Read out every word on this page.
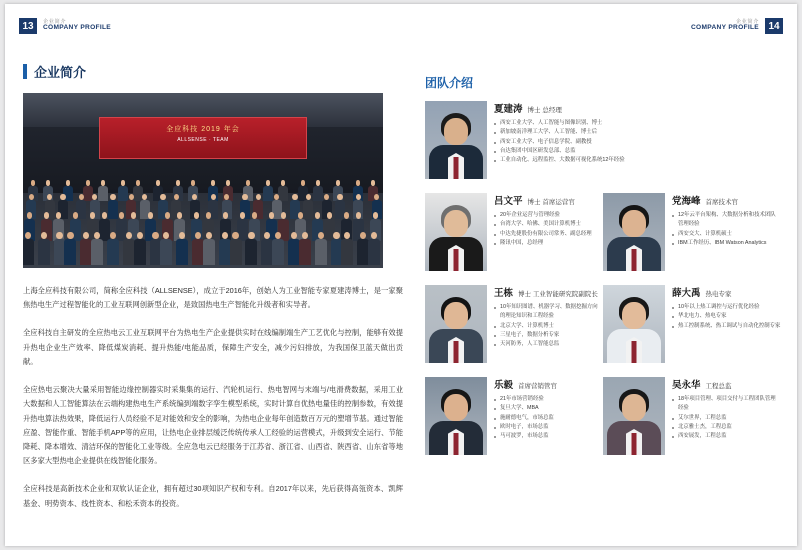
13	企业简介
COMPANY PROFILE
企业简介
COMPANY PROFILE 14
企业简介
全应科技 2019 年会
ALLSENSE · TEAM
上海全应科技有限公司，简称全应科技（ALLSENSE），成立于2016年，创始人为工业智能专家夏建涛博士，是一家聚焦热电生产过程智能化的工业互联网创新型企业，是致国热电生产智能化升级者和实导者。
全应科技自主研发的全应热电云工业互联网平台为热电生产企业提供实时在线编制端生产工艺优化与控制，能够有效提升热电企业生产效率、降低煤炭消耗、提升热能/电能品质，保障生产安全，减少污妇排放，为我国保卫蓝天做出贡献。
全应热电云聚决大量采用智能边缘控制器实时采集集的运行、汽轮机运行、热电智网与末端与/电滑费数据，采用工业大数据和人工智能算法在云端构建热电生产系统编到端数字孪生模型系统，实时计算自优热电量佳的控制参数，有效提升热电算法热效果，降低运行人员经验不足对能效和安全的影响，为热电企业每年创造数百万元的塑增节基。通过智能应盈、智能作重、智能手机APP等的应用，让热电企业排层缓泛传统传承人工经验的运营模式，升级到安全运行、节能降耗、降本增效、清洁环保的智能化工业等级。全应急电云已经服务于江苏省、浙江省、山西省、陕西省、山东省等地区多家大型热电企业提供在线智能化服务。
全应科技是高新技术企业和双软认证企业，拥有超过30项知识产权和专利。自2017年以来，先后获得高瓴资本、凯辉基金、明势资本、线性资本、和松禾资本的投资。
团队介绍
夏建涛 博士 总经理
西安工业大学、人工智能与图像识别、博士
新加坡南洋理工大学、人工智能、博士后
西安工业大学、电子信息学院、副教授
台达集团中国区研发总部、总监
工业自动化、远程监控、大数据可视化系统12年经验
吕文平 博士 首席运营官
20年企业运营与管理经验
台湾大学、哈佛、美国计算机博士
中达先捷股份有限公司常务、副总经理
隆讯中国，总经理
党海峰 首席技术官
12年云平台架构、大数据分析和技术团队管理经验
西安交大、计算机硕士
IBM工作经历、IBM Watson Analytics
王栋 博士 工业智能研究院副院长
10年知识图谱、机器学习、数据挖掘方向的理论知识和工程经验
北京大学、计算机博士
三星电子，数据分析专家
天河防务，人工智能总监
薛大禹 热电专家
10年以上热工调控与运行优化经验
华北电力、热电专家
热工控制系统、热工调试与自动化控制专家
乐毅 首席营销管官
21年市场营销经验
复旦大学、MBA
施耐德电气，市场总监
欧时电子，市场总监
马可波罗，市场总监
吴永华 工程总监
18年项目管理、项目交付与工程团队管理经验
艾尔世界，工程总监
北京雅士杰，工程总监
西安展发，工程总监
